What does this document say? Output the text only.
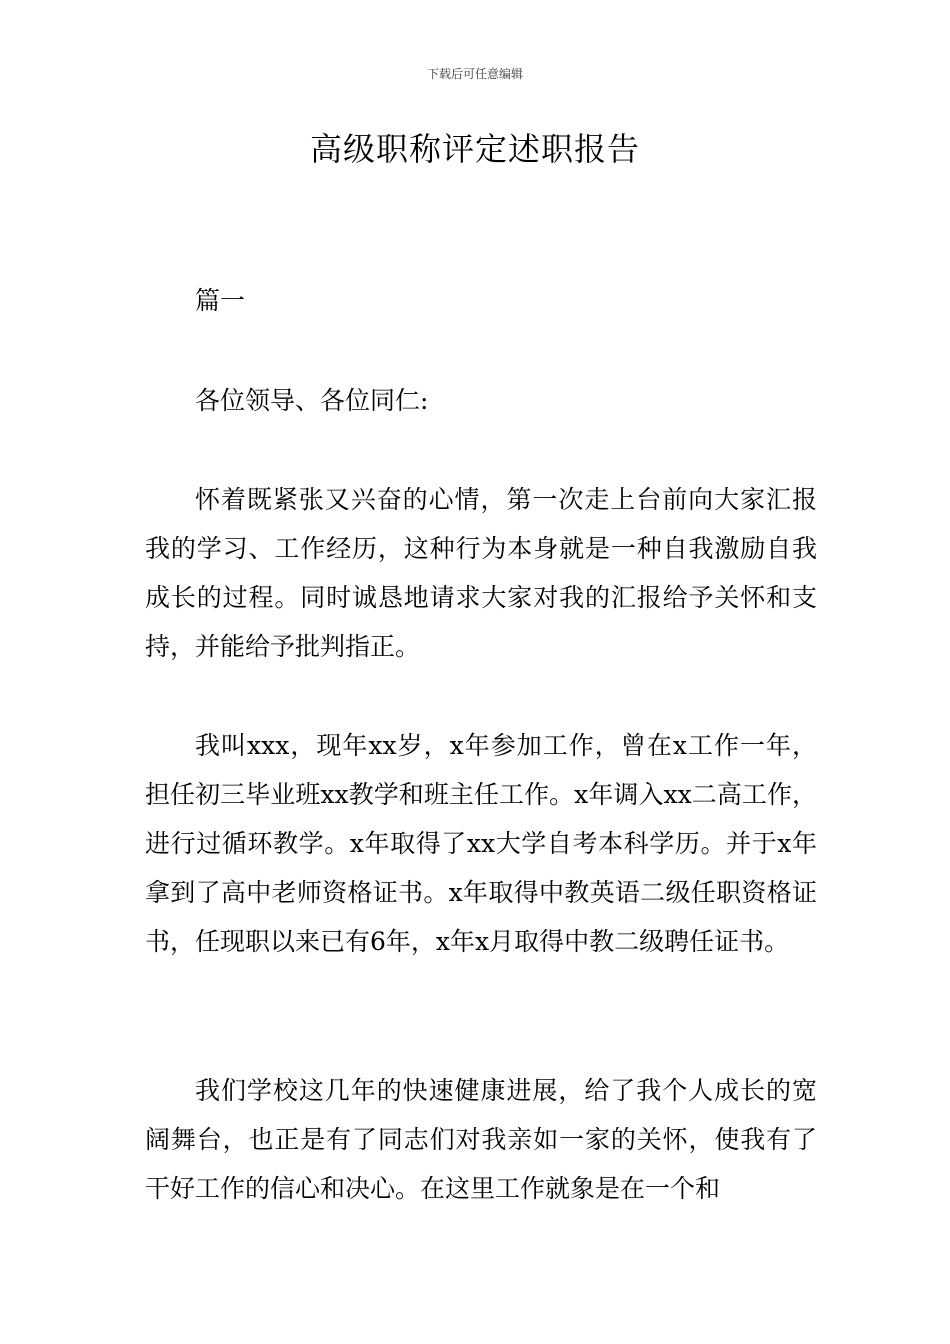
下载后可任意编辑
高级职称评定述职报告

篇一

各位领导、各位同仁:

怀着既紧张又兴奋的心情，第一次走上台前向大家汇报我的学习、工作经历，这种行为本身就是一种自我激励自我成长的过程。同时诚恳地请求大家对我的汇报给予关怀和支持，并能给予批判指正。

我叫xxx，现年xx岁，x年参加工作，曾在x工作一年，担任初三毕业班xx教学和班主任工作。x年调入xx二高工作，进行过循环教学。x年取得了xx大学自考本科学历。并于x年拿到了高中老师资格证书。x年取得中教英语二级任职资格证书，任现职以来已有6年，x年x月取得中教二级聘任证书。

我们学校这几年的快速健康进展，给了我个人成长的宽阔舞台，也正是有了同志们对我亲如一家的关怀，使我有了干好工作的信心和决心。在这里工作就象是在一个和
